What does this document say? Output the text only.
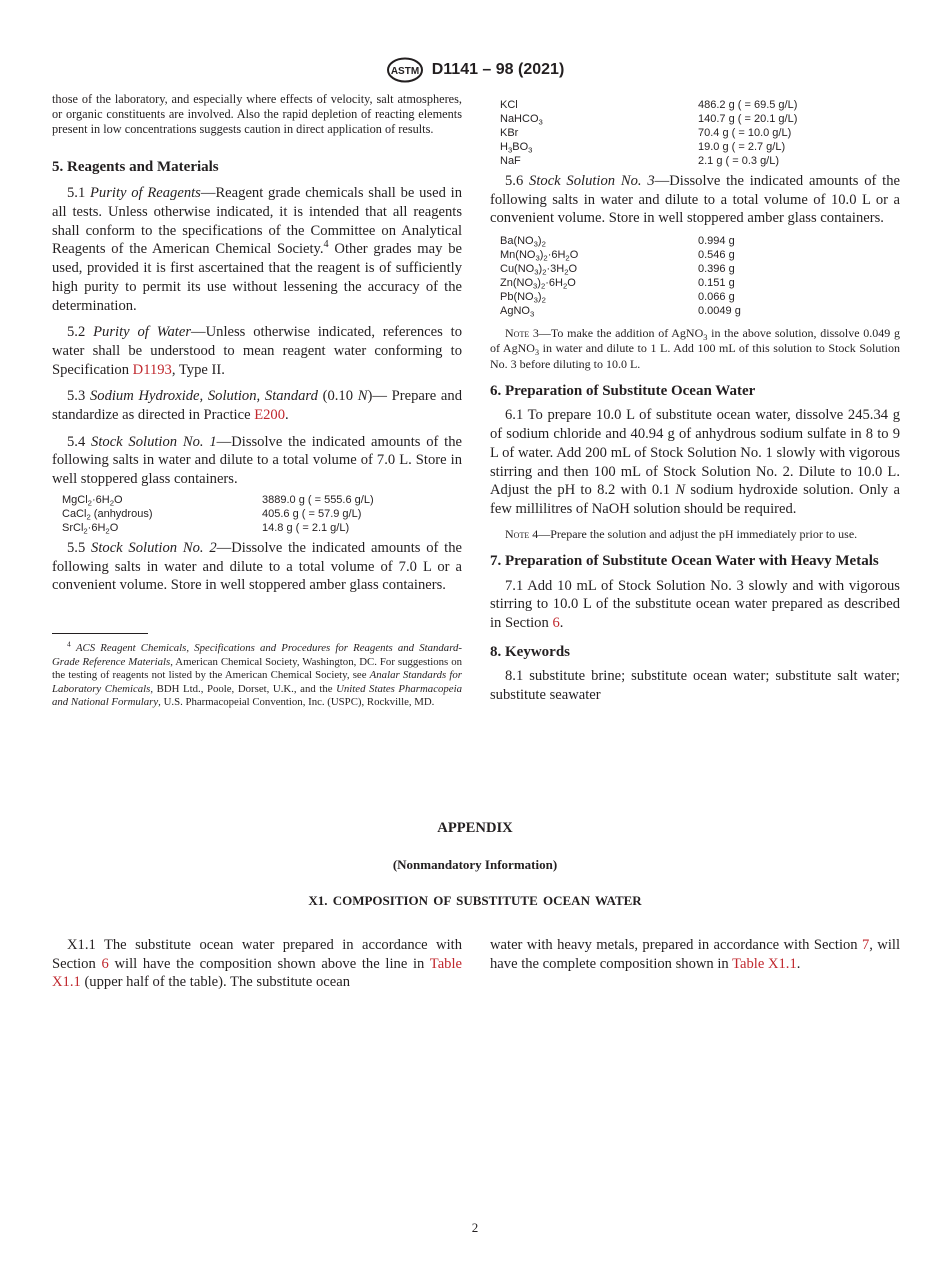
ASTM D1141 – 98 (2021)

those of the laboratory, and especially where effects of velocity, salt atmospheres, or organic constituents are involved. Also the rapid depletion of reacting elements present in low concentrations suggests caution in direct application of results.

5. Reagents and Materials

5.1 Purity of Reagents—Reagent grade chemicals shall be used in all tests. Unless otherwise indicated, it is intended that all reagents shall conform to the specifications of the Committee on Analytical Reagents of the American Chemical Society.$^4$ Other grades may be used, provided it is first ascertained that the reagent is of sufficiently high purity to permit its use without lessening the accuracy of the determination.

5.2 Purity of Water—Unless otherwise indicated, references to water shall be understood to mean reagent water conforming to Specification D1193, Type II.

5.3 Sodium Hydroxide, Solution, Standard (0.10 N)— Prepare and standardize as directed in Practice E200.

5.4 Stock Solution No. 1—Dissolve the indicated amounts of the following salts in water and dilute to a total volume of 7.0 L. Store in well stoppered glass containers.

$MgCl_2\cdot 6H_2O$	3889.0 g ( = 555.6 g/L)
CaCl$_2$ (anhydrous)	405.6 g ( = 57.9 g/L)
$SrCl_2\cdot 6H_2O$	14.8 g ( = 2.1 g/L)

5.5 Stock Solution No. 2—Dissolve the indicated amounts of the following salts in water and dilute to a total volume of 7.0 L or a convenient volume. Store in well stoppered amber glass containers.

$^4$ ACS Reagent Chemicals, Specifications and Procedures for Reagents and Standard-Grade Reference Materials, American Chemical Society, Washington, DC. For suggestions on the testing of reagents not listed by the American Chemical Society, see Analar Standards for Laboratory Chemicals, BDH Ltd., Poole, Dorset, U.K., and the United States Pharmacopeia and National Formulary, U.S. Pharmacopeial Convention, Inc. (USPC), Rockville, MD.

KCl	486.2 g ( = 69.5 g/L)
NaHCO$_3$	140.7 g ( = 20.1 g/L)
KBr	70.4 g ( = 10.0 g/L)
$H_3BO_3$	19.0 g ( = 2.7 g/L)
NaF	2.1 g ( = 0.3 g/L)

5.6 Stock Solution No. 3—Dissolve the indicated amounts of the following salts in water and dilute to a total volume of 10.0 L or a convenient volume. Store in well stoppered amber glass containers.

$Ba(NO_3)_2$	0.994 g
$Mn(NO_3)_2\cdot 6H_2O$	0.546 g
$Cu(NO_3)_2\cdot 3H_2O$	0.396 g
$Zn(NO_3)_2\cdot 6H_2O$	0.151 g
$Pb(NO_3)_2$	0.066 g
AgNO$_3$	0.0049 g

Note 3—To make the addition of AgNO$_3$ in the above solution, dissolve 0.049 g of AgNO$_3$ in water and dilute to 1 L. Add 100 mL of this solution to Stock Solution No. 3 before diluting to 10.0 L.

6. Preparation of Substitute Ocean Water

6.1 To prepare 10.0 L of substitute ocean water, dissolve 245.34 g of sodium chloride and 40.94 g of anhydrous sodium sulfate in 8 to 9 L of water. Add 200 mL of Stock Solution No. 1 slowly with vigorous stirring and then 100 mL of Stock Solution No. 2. Dilute to 10.0 L. Adjust the pH to 8.2 with 0.1 N sodium hydroxide solution. Only a few millilitres of NaOH solution should be required.

Note 4—Prepare the solution and adjust the pH immediately prior to use.

7. Preparation of Substitute Ocean Water with Heavy Metals

7.1 Add 10 mL of Stock Solution No. 3 slowly and with vigorous stirring to 10.0 L of the substitute ocean water prepared as described in Section 6.

8. Keywords

8.1 substitute brine; substitute ocean water; substitute salt water; substitute seawater

APPENDIX
(Nonmandatory Information)
X1. COMPOSITION OF SUBSTITUTE OCEAN WATER

X1.1 The substitute ocean water prepared in accordance with Section 6 will have the composition shown above the line in Table X1.1 (upper half of the table). The substitute ocean

water with heavy metals, prepared in accordance with Section 7, will have the complete composition shown in Table X1.1.

2
